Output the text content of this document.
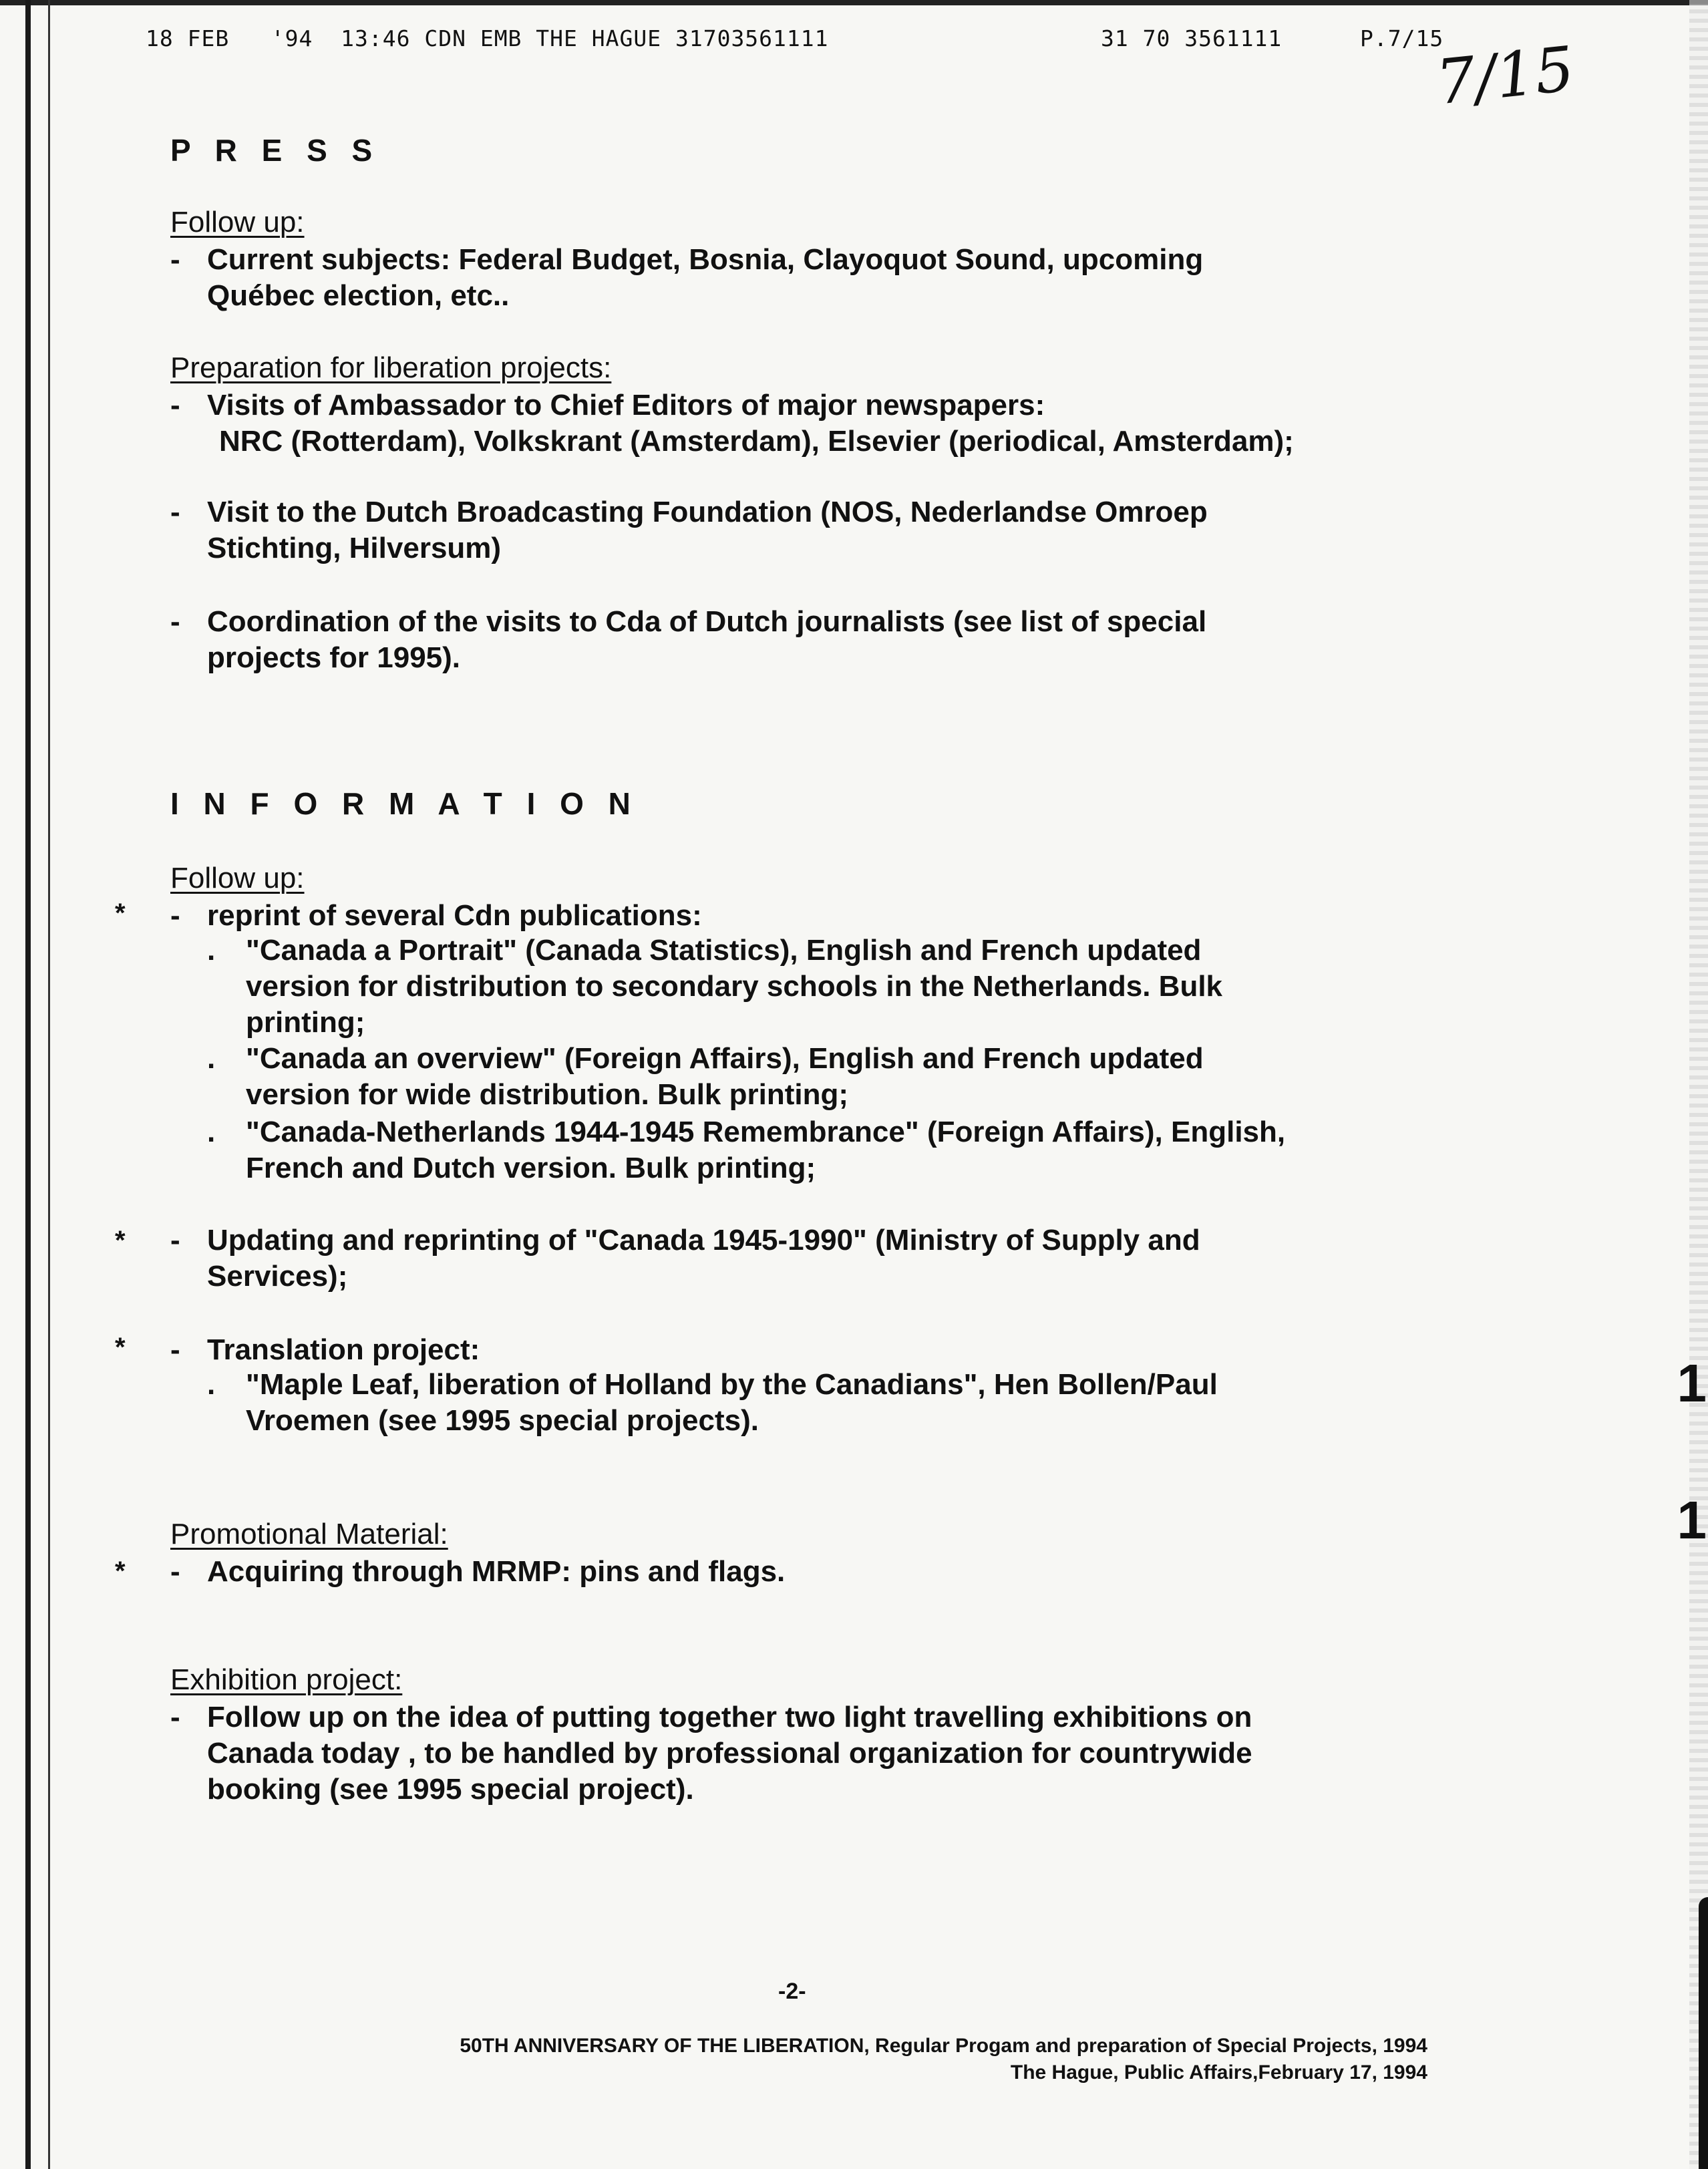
1
1
18 FEB   '94  13:46 CDN EMB THE HAGUE 31703561111	31 70 3561111	P.7/15
7/15
P R E S S
Follow up:
- Current subjects: Federal Budget, Bosnia, Clayoquot Sound, upcoming
Québec election, etc..
Preparation for liberation projects:
- Visits of Ambassador to Chief Editors of major newspapers:
NRC (Rotterdam), Volkskrant (Amsterdam), Elsevier (periodical, Amsterdam);
- Visit to the Dutch Broadcasting Foundation (NOS, Nederlandse Omroep
Stichting, Hilversum)
- Coordination of the visits to Cda of Dutch journalists (see list of special
projects for 1995).
I N F O R M A T I O N
Follow up:
* - reprint of several Cdn publications:
. "Canada a Portrait" (Canada Statistics), English and French updated
version for distribution to secondary schools in the Netherlands. Bulk
printing;
. "Canada an overview" (Foreign Affairs), English and French updated
version for wide distribution. Bulk printing;
. "Canada-Netherlands 1944-1945 Remembrance" (Foreign Affairs), English,
French and Dutch version. Bulk printing;
* - Updating and reprinting of "Canada 1945-1990" (Ministry of Supply and
Services);
* - Translation project:
. "Maple Leaf, liberation of Holland by the Canadians", Hen Bollen/Paul
Vroemen (see 1995 special projects).
Promotional Material:
* - Acquiring through MRMP: pins and flags.
Exhibition project:
- Follow up on the idea of putting together two light travelling exhibitions on
Canada today , to be handled by professional organization for countrywide
booking (see 1995 special project).
-2-
50TH ANNIVERSARY OF THE LIBERATION, Regular Progam and preparation of Special Projects, 1994
The Hague, Public Affairs,February 17, 1994
